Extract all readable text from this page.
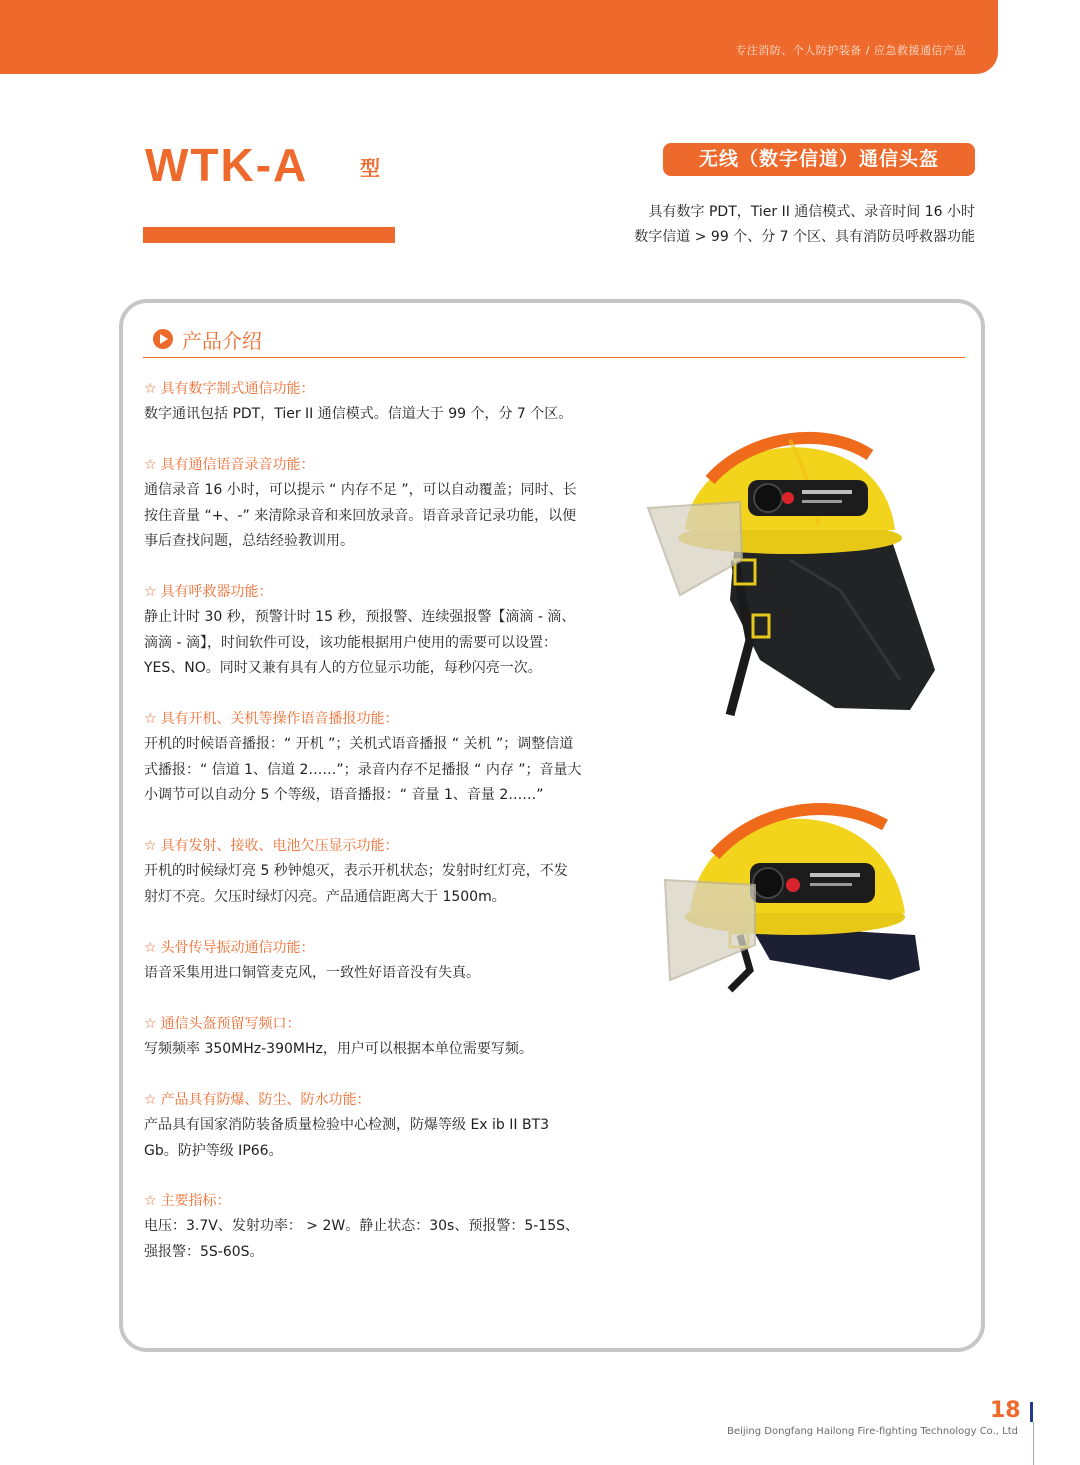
专注消防、个人防护装备 / 应急救援通信产品
WTK-A	型	无线（数字信道）通信头盔
具有数字 PDT，Tier II 通信模式、录音时间 16 小时
数字信道 > 99 个、分 7 个区、具有消防员呼救器功能
产品介绍
☆ 具有数字制式通信功能：
数字通讯包括 PDT，Tier II 通信模式。信道大于 99 个，分 7 个区。
☆ 具有通信语音录音功能：
通信录音 16 小时，可以提示 “ 内存不足 ”，可以自动覆盖；同时、长
按住音量 “+、-” 来清除录音和来回放录音。语音录音记录功能，以便
事后查找问题，总结经验教训用。
☆ 具有呼救器功能：
静止计时 30 秒，预警计时 15 秒，预报警、连续强报警【滴滴 - 滴、
滴滴 - 滴】，时间软件可设，该功能根据用户使用的需要可以设置：
YES、NO。同时又兼有具有人的方位显示功能，每秒闪亮一次。
☆ 具有开机、关机等操作语音播报功能：
开机的时候语音播报：“ 开机 ”；关机式语音播报 “ 关机 ”；调整信道
式播报：“ 信道 1、信道 2……”；录音内存不足播报 “ 内存 ”；音量大
小调节可以自动分 5 个等级，语音播报：“ 音量 1、音量 2……”
☆ 具有发射、接收、电池欠压显示功能：
开机的时候绿灯亮 5 秒钟熄灭，表示开机状态；发射时红灯亮，不发
射灯不亮。欠压时绿灯闪亮。产品通信距离大于 1500m。
☆ 头骨传导振动通信功能：
语音采集用进口铜管麦克风，一致性好语音没有失真。
☆ 通信头盔预留写频口：
写频频率 350MHz-390MHz，用户可以根据本单位需要写频。
☆ 产品具有防爆、防尘、防水功能：
产品具有国家消防装备质量检验中心检测，防爆等级 Ex ib II BT3
Gb。防护等级 IP66。
☆ 主要指标：
电压：3.7V、发射功率： > 2W。静止状态：30s、预报警：5-15S、
强报警：5S-60S。
18
Beijing Dongfang Hailong Fire-fighting Technology Co., Ltd
